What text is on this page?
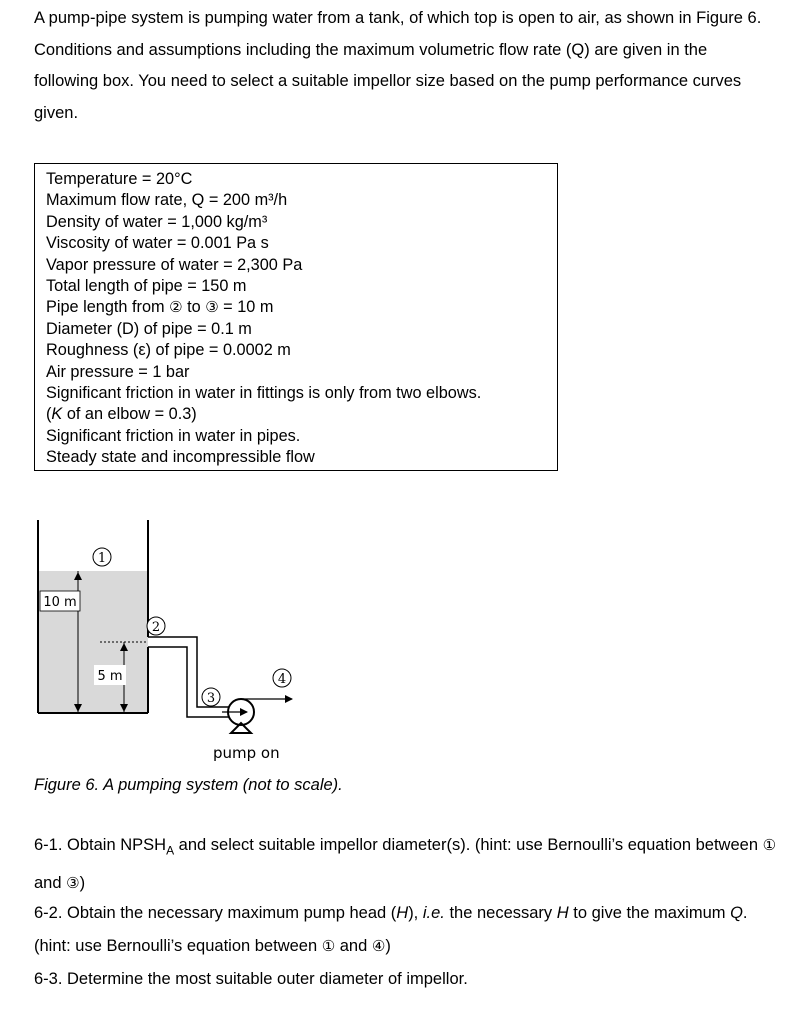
A pump-pipe system is pumping water from a tank, of which top is open to air, as shown in Figure 6. Conditions and assumptions including the maximum volumetric flow rate (Q) are given in the following box. You need to select a suitable impellor size based on the pump performance curves given.
Temperature = 20°C
Maximum flow rate, Q = 200 m³/h
Density of water = 1,000 kg/m³
Viscosity of water = 0.001 Pa s
Vapor pressure of water = 2,300 Pa
Total length of pipe = 150 m
Pipe length from ② to ③ = 10 m
Diameter (D) of pipe = 0.1 m
Roughness (ε) of pipe = 0.0002 m
Air pressure = 1 bar
Significant friction in water in fittings is only from two elbows.
(K of an elbow = 0.3)
Significant friction in water in pipes.
Steady state and incompressible flow
10 m
5 m
1
2
3
4
pump on
Figure 6. A pumping system (not to scale).
6-1. Obtain $NPSH_A$ and select suitable impellor diameter(s). (hint: use Bernoulli’s equation between ① and ③)
6-2. Obtain the necessary maximum pump head (H), i.e. the necessary H to give the maximum Q. (hint: use Bernoulli’s equation between ① and ④)
6-3. Determine the most suitable outer diameter of impellor.
